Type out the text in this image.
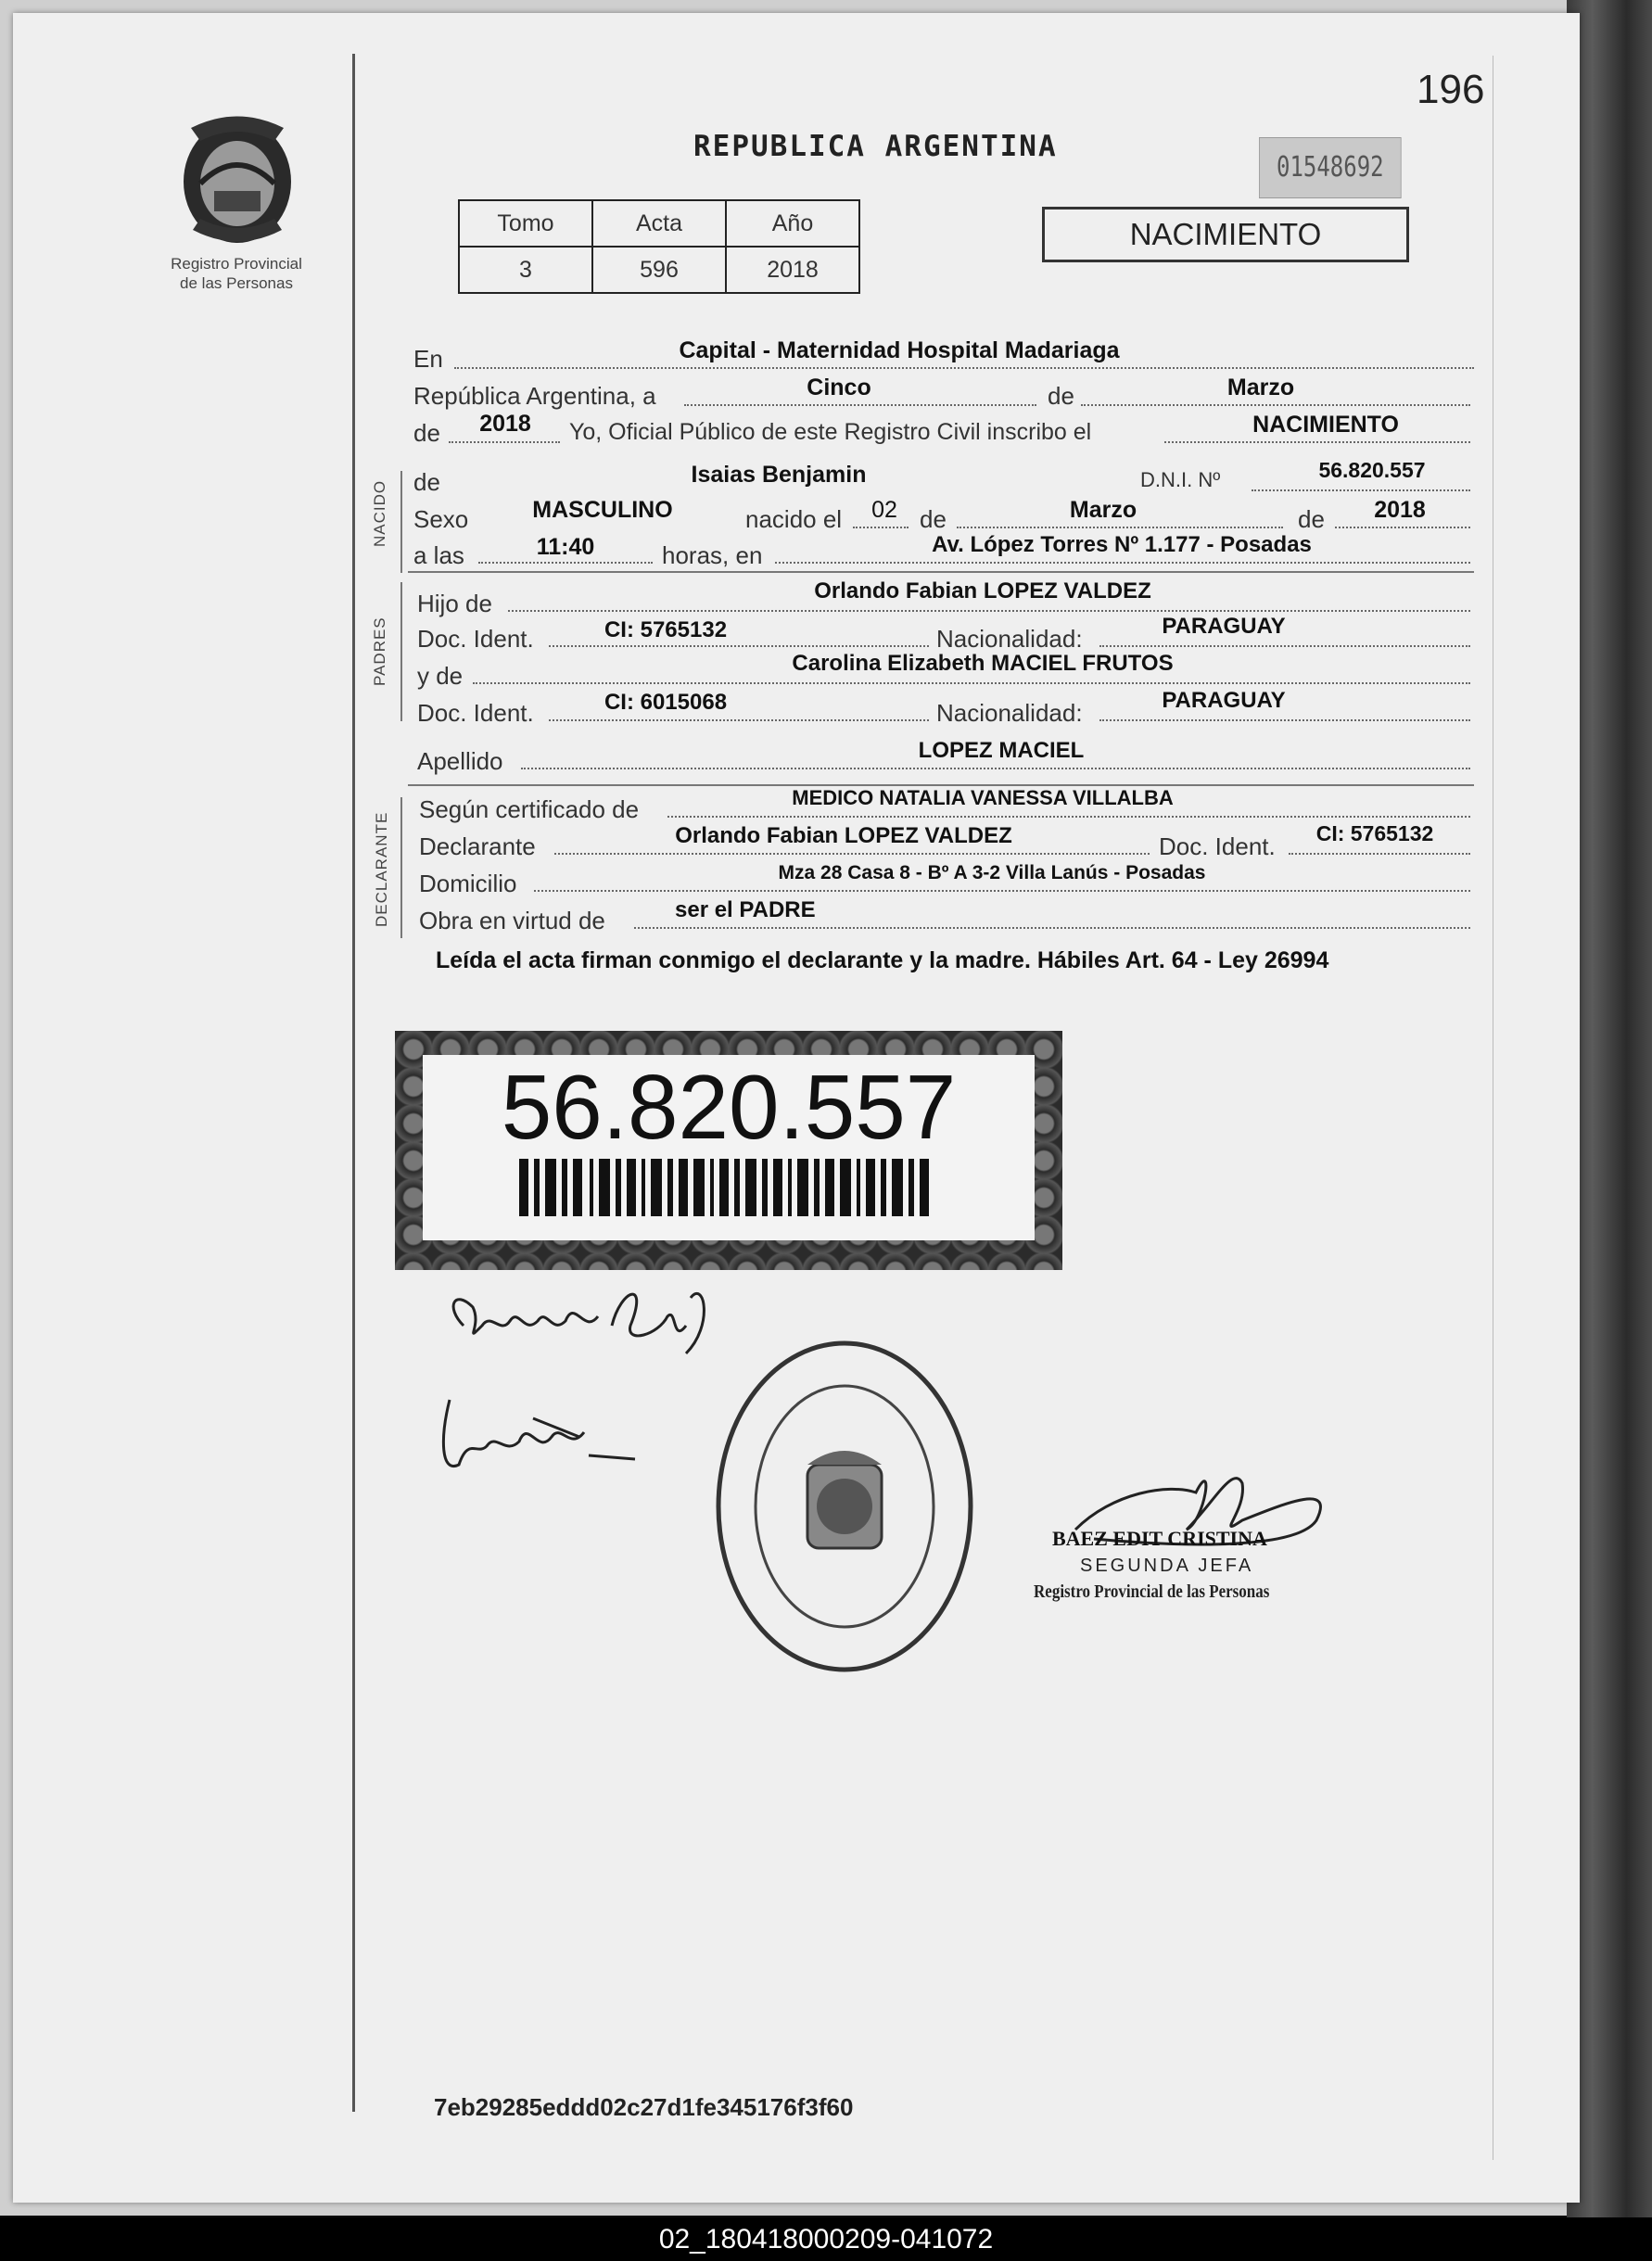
Registro Provincial
de las Personas
196
REPUBLICA ARGENTINA
01548692
Tomo	Acta	Año
3	596	2018
NACIMIENTO
En	Capital - Maternidad Hospital Madariaga
República Argentina, a	Cinco	de	Marzo
de	2018	Yo, Oficial Público de este Registro Civil inscribo el	NACIMIENTO
NACIDO de	Isaias Benjamin	D.N.I. Nº	56.820.557
Sexo	MASCULINO	nacido el	02 de	Marzo	de	2018
a las	11:40	horas, en	Av. López Torres Nº 1.177 - Posadas
PADRES
Hijo de	Orlando Fabian LOPEZ VALDEZ
Doc. Ident.	CI: 5765132	Nacionalidad:	PARAGUAY
y de	Carolina Elizabeth MACIEL FRUTOS
Doc. Ident.	CI: 6015068	Nacionalidad:	PARAGUAY
Apellido	LOPEZ MACIEL
DECLARANTE
Según certificado de	MEDICO NATALIA VANESSA VILLALBA
Declarante	Orlando Fabian LOPEZ VALDEZ	Doc. Ident.	CI: 5765132
Domicilio	Mza 28 Casa 8 - Bº A 3-2 Villa Lanús - Posadas
Obra en virtud de	ser el PADRE
Leída el acta firman conmigo el declarante y la madre. Hábiles Art. 64 - Ley 26994
56.820.557
BAEZ EDIT CRISTINA
SEGUNDA JEFA
Registro Provincial de las Personas
7eb29285eddd02c27d1fe345176f3f60
02_180418000209-041072
